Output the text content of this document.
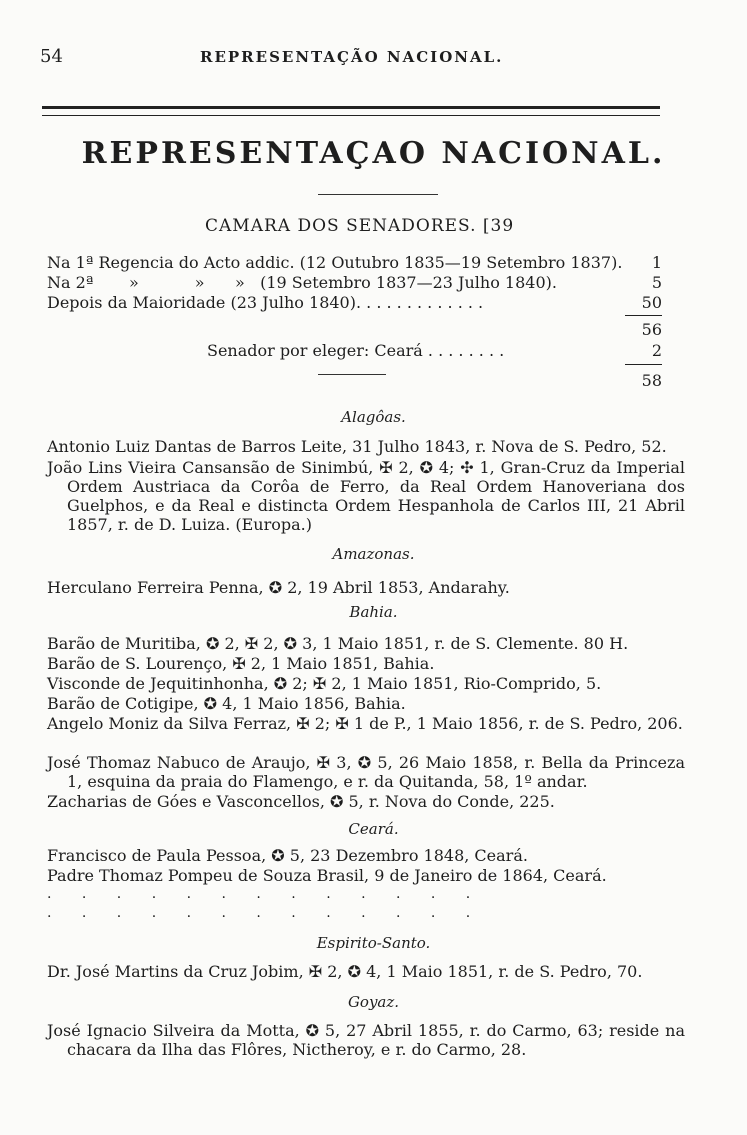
54	REPRESENTAÇÃO NACIONAL.
REPRESENTAÇAO NACIONAL.
CAMARA DOS SENADORES. [39
Na 1ª Regencia do Acto addic. (12 Outubro 1835—19 Setembro 1837). 1
Na 2ª       »           »      »   (19 Setembro 1837—23 Julho 1840).	5
Depois da Maioridade (23 Julho 1840). . . . . . . . . . . . .	50
56
Senador por eleger: Ceará . . . . . . . .	2
58
Alagôas.
Antonio Luiz Dantas de Barros Leite, 31 Julho 1843, r. Nova de S. Pedro, 52.
João Lins Vieira Cansansão de Sinimbú, ✠ 2, ✪ 4; ✣ 1, Gran-Cruz da Imperial Ordem Austriaca da Corôa de Ferro, da Real Ordem Hanoveriana dos Guelphos, e da Real e distincta Ordem Hespanhola de Carlos III, 21 Abril 1857, r. de D. Luiza. (Europa.)
Amazonas.
Herculano Ferreira Penna, ✪ 2, 19 Abril 1853, Andarahy.
Bahia.
Barão de Muritiba, ✪ 2, ✠ 2, ✪ 3, 1 Maio 1851, r. de S. Clemente. 80 H.
Barão de S. Lourenço, ✠ 2, 1 Maio 1851, Bahia.
Visconde de Jequitinhonha, ✪ 2; ✠ 2, 1 Maio 1851, Rio-Comprido, 5.
Barão de Cotigipe, ✪ 4, 1 Maio 1856, Bahia.
Angelo Moniz da Silva Ferraz, ✠ 2; ✠ 1 de P., 1 Maio 1856, r. de S. Pedro, 206.
José Thomaz Nabuco de Araujo, ✠ 3, ✪ 5, 26 Maio 1858, r. Bella da Princeza 1, esquina da praia do Flamengo, e r. da Quitanda, 58, 1º andar.
Zacharias de Góes e Vasconcellos, ✪ 5, r. Nova do Conde, 225.
Ceará.
Francisco de Paula Pessoa, ✪ 5, 23 Dezembro 1848, Ceará.
Padre Thomaz Pompeu de Souza Brasil, 9 de Janeiro de 1864, Ceará.
. . . . . . . . . . . . .
. . . . . . . . . . . . .
Espirito-Santo.
Dr. José Martins da Cruz Jobim, ✠ 2, ✪ 4, 1 Maio 1851, r. de S. Pedro, 70.
Goyaz.
José Ignacio Silveira da Motta, ✪ 5, 27 Abril 1855, r. do Carmo, 63; reside na chacara da Ilha das Flôres, Nictheroy, e r. do Carmo, 28.
